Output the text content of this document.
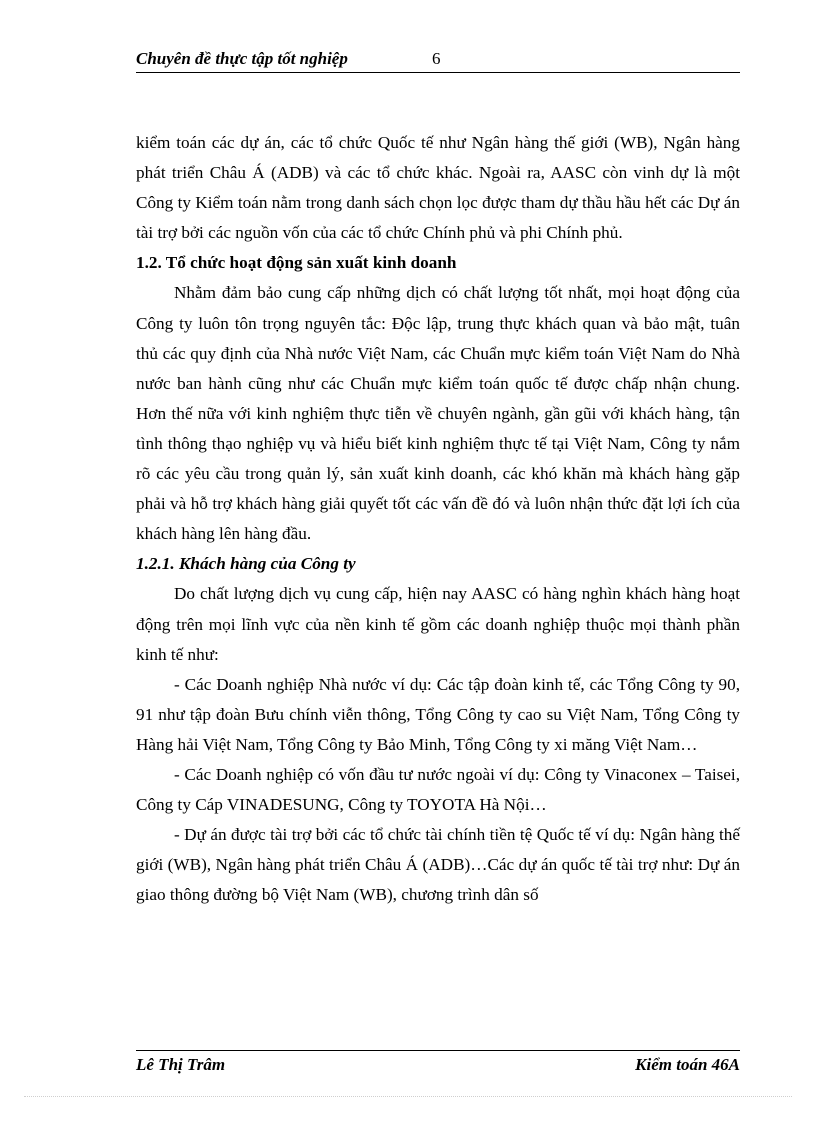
Chuyên đề thực tập tốt nghiệp	6

kiểm toán các dự án, các tổ chức Quốc tế như Ngân hàng thế giới (WB), Ngân hàng phát triển Châu Á (ADB) và các tổ chức khác. Ngoài ra, AASC còn vinh dự là một Công ty Kiểm toán nằm trong danh sách chọn lọc được tham dự thầu hầu hết các Dự án tài trợ bởi các nguồn vốn của các tổ chức Chính phủ và phi Chính phủ.

1.2. Tổ chức hoạt động sản xuất kinh doanh

Nhằm đảm bảo cung cấp những dịch có chất lượng tốt nhất, mọi hoạt động của Công ty luôn tôn trọng nguyên tắc: Độc lập, trung thực khách quan và bảo mật, tuân thủ các quy định của Nhà nước Việt Nam, các Chuẩn mực kiểm toán Việt Nam do Nhà nước ban hành cũng như các Chuẩn mực kiểm toán quốc tế được chấp nhận chung. Hơn thế nữa với kinh nghiệm thực tiễn về chuyên ngành, gần gũi với khách hàng, tận tình thông thạo nghiệp vụ và hiểu biết kinh nghiệm thực tế tại Việt Nam, Công ty nắm rõ các yêu cầu trong quản lý, sản xuất kinh doanh, các khó khăn mà khách hàng gặp phải và hỗ trợ khách hàng giải quyết tốt các vấn đề đó và luôn nhận thức đặt lợi ích của khách hàng lên hàng đầu.

1.2.1. Khách hàng của Công ty

Do chất lượng dịch vụ cung cấp, hiện nay AASC có hàng nghìn khách hàng hoạt động trên mọi lĩnh vực của nền kinh tế gồm các doanh nghiệp thuộc mọi thành phần kinh tế như:

- Các Doanh nghiệp Nhà nước ví dụ: Các tập đoàn kinh tế, các Tổng Công ty 90, 91 như tập đoàn Bưu chính viễn thông, Tổng Công ty cao su Việt Nam, Tổng Công ty Hàng hải Việt Nam, Tổng Công ty Bảo Minh, Tổng Công ty xi măng Việt Nam…

- Các Doanh nghiệp có vốn đầu tư nước ngoài ví dụ: Công ty Vinaconex – Taisei, Công ty Cáp VINADESUNG, Công ty TOYOTA Hà Nội…

- Dự án được tài trợ bởi các tổ chức tài chính tiền tệ Quốc tế ví dụ: Ngân hàng thế giới (WB), Ngân hàng phát triển Châu Á (ADB)…Các dự án quốc tế tài trợ như: Dự án giao thông đường bộ Việt Nam (WB), chương trình dân số

Lê Thị Trâm	Kiểm toán 46A
